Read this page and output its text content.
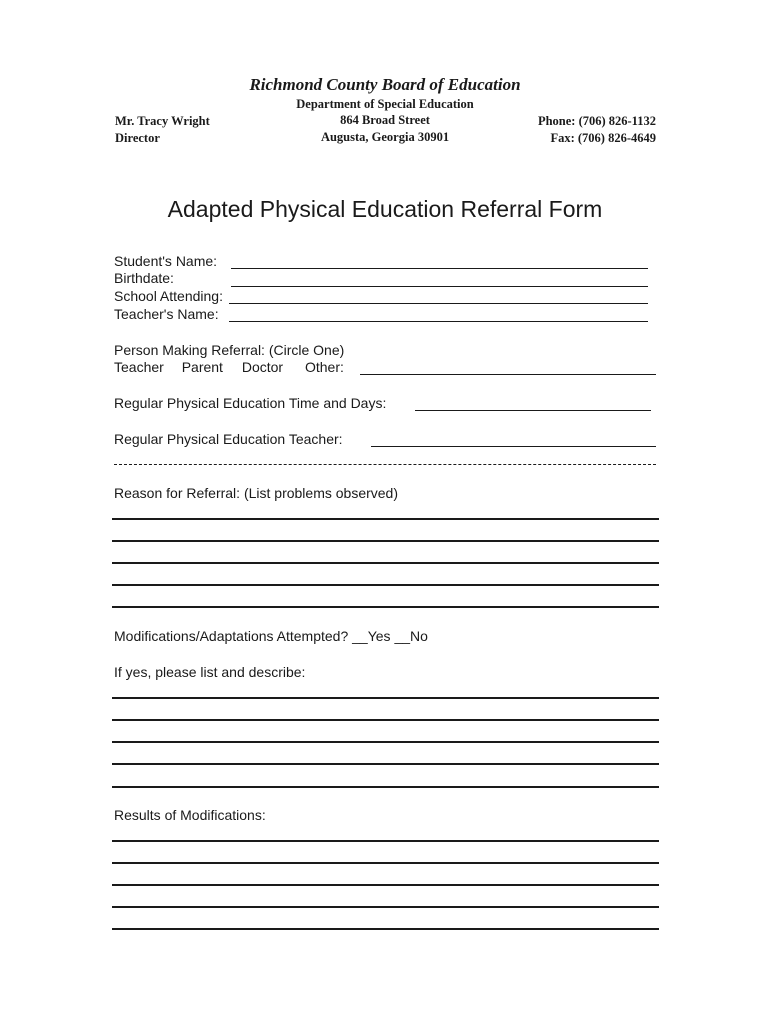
Richmond County Board of Education
Department of Special Education
864 Broad Street
Augusta, Georgia 30901
Mr. Tracy Wright
Director
Phone: (706) 826-1132
Fax: (706) 826-4649
Adapted Physical Education Referral Form
Student's Name:
Birthdate:
School Attending:
Teacher's Name:
Person Making Referral: (Circle One)
Teacher Parent Doctor Other:
Regular Physical Education Time and Days:
Regular Physical Education Teacher:
Reason for Referral: (List problems observed)
Modifications/Adaptations Attempted? __Yes __No
If yes, please list and describe:
Results of Modifications:
